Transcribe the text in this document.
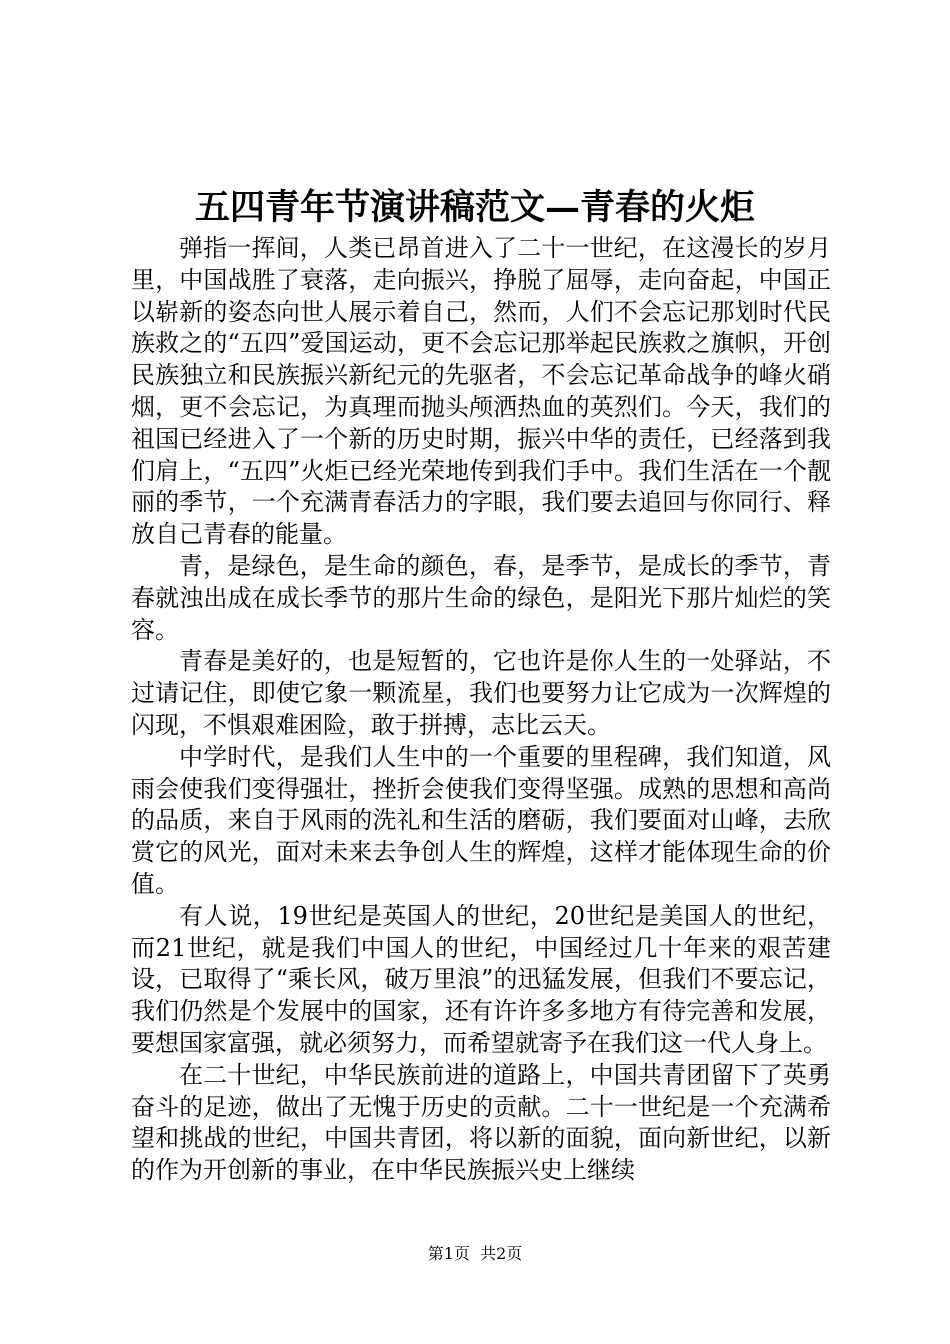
五四青年节演讲稿范文—青春的火炬

弹指一挥间，人类已昂首进入了二十一世纪，在这漫长的岁月里，中国战胜了衰落，走向振兴，挣脱了屈辱，走向奋起，中国正以崭新的姿态向世人展示着自己，然而，人们不会忘记那划时代民族救之的“五四”爱国运动，更不会忘记那举起民族救之旗帜，开创民族独立和民族振兴新纪元的先驱者，不会忘记革命战争的峰火硝烟，更不会忘记，为真理而抛头颅洒热血的英烈们。今天，我们的祖国已经进入了一个新的历史时期，振兴中华的责任，已经落到我们肩上，“五四”火炬已经光荣地传到我们手中。我们生活在一个靓丽的季节，一个充满青春活力的字眼，我们要去追回与你同行、释放自己青春的能量。

青，是绿色，是生命的颜色，春，是季节，是成长的季节，青春就浊出成在成长季节的那片生命的绿色，是阳光下那片灿烂的笑容。

青春是美好的，也是短暂的，它也许是你人生的一处驿站，不过请记住，即使它象一颗流星，我们也要努力让它成为一次辉煌的闪现，不惧艰难困险，敢于拼搏，志比云天。

中学时代，是我们人生中的一个重要的里程碑，我们知道，风雨会使我们变得强壮，挫折会使我们变得坚强。成熟的思想和高尚的品质，来自于风雨的洗礼和生活的磨砺，我们要面对山峰，去欣赏它的风光，面对未来去争创人生的辉煌，这样才能体现生命的价值。

有人说，19世纪是英国人的世纪，20世纪是美国人的世纪，而21世纪，就是我们中国人的世纪，中国经过几十年来的艰苦建设，已取得了“乘长风，破万里浪”的迅猛发展，但我们不要忘记，我们仍然是个发展中的国家，还有许许多多地方有待完善和发展，要想国家富强，就必须努力，而希望就寄予在我们这一代人身上。

在二十世纪，中华民族前进的道路上，中国共青团留下了英勇奋斗的足迹，做出了无愧于历史的贡献。二十一世纪是一个充满希望和挑战的世纪，中国共青团，将以新的面貌，面向新世纪，以新的作为开创新的事业，在中华民族振兴史上继续

第1页 共2页
